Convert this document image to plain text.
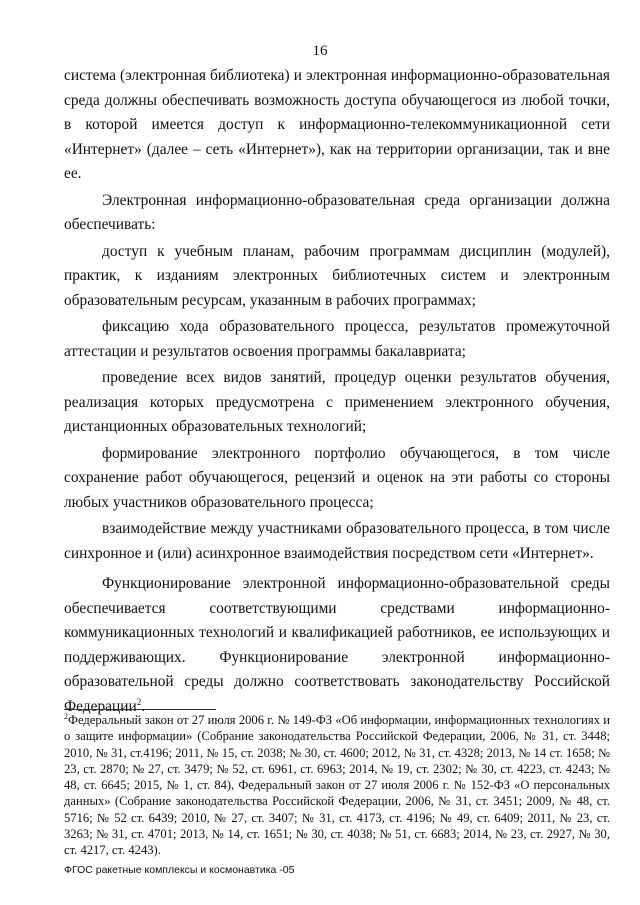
16

система (электронная библиотека) и электронная информационно-образовательная среда должны обеспечивать возможность доступа обучающегося из любой точки, в которой имеется доступ к информационно-телекоммуникационной сети «Интернет» (далее – сеть «Интернет»), как на территории организации, так и вне ее.

Электронная информационно-образовательная среда организации должна обеспечивать:

доступ к учебным планам, рабочим программам дисциплин (модулей), практик, к изданиям электронных библиотечных систем и электронным образовательным ресурсам, указанным в рабочих программах;

фиксацию хода образовательного процесса, результатов промежуточной аттестации и результатов освоения программы бакалавриата;

проведение всех видов занятий, процедур оценки результатов обучения, реализация которых предусмотрена с применением электронного обучения, дистанционных образовательных технологий;

формирование электронного портфолио обучающегося, в том числе сохранение работ обучающегося, рецензий и оценок на эти работы со стороны любых участников образовательного процесса;

взаимодействие между участниками образовательного процесса, в том числе синхронное и (или) асинхронное взаимодействия посредством сети «Интернет».

Функционирование электронной информационно-образовательной среды обеспечивается соответствующими средствами информационно-коммуникационных технологий и квалификацией работников, ее использующих и поддерживающих. Функционирование электронной информационно-образовательной среды должно соответствовать законодательству Российской Федерации$^2$.

$^2$Федеральный закон от 27 июля 2006 г. № 149-ФЗ «Об информации, информационных технологиях и о защите информации» (Собрание законодательства Российской Федерации, 2006, № 31, ст. 3448; 2010, № 31, ст.4196; 2011, № 15, ст. 2038; № 30, ст. 4600; 2012, № 31, ст. 4328; 2013, № 14 ст. 1658; № 23, ст. 2870; № 27, ст. 3479; № 52, ст. 6961, ст. 6963; 2014, № 19, ст. 2302; № 30, ст. 4223, ст. 4243; № 48, ст. 6645; 2015, № 1, ст. 84), Федеральный закон от 27 июля 2006 г. № 152-ФЗ «О персональных данных» (Собрание законодательства Российской Федерации, 2006, № 31, ст. 3451; 2009, № 48, ст. 5716; № 52 ст. 6439; 2010, № 27, ст. 3407; № 31, ст. 4173, ст. 4196; № 49, ст. 6409; 2011, № 23, ст. 3263; № 31, ст. 4701; 2013, № 14, ст. 1651; № 30, ст. 4038; № 51, ст. 6683; 2014, № 23, ст. 2927, № 30, ст. 4217, ст. 4243).
ФГОС ракетные комплексы и космонавтика -05
